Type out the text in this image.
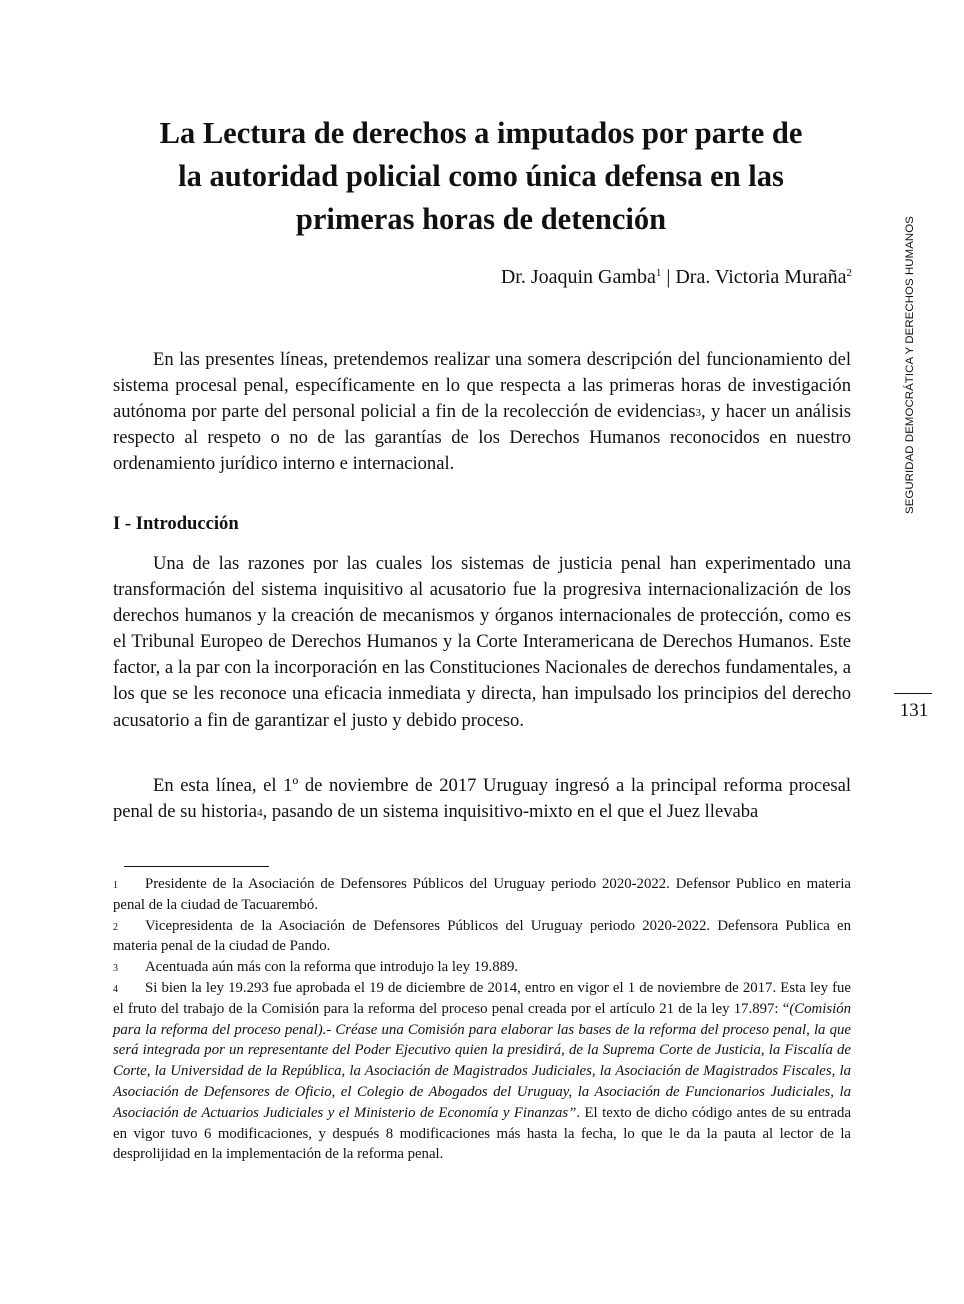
La Lectura de derechos a imputados por parte de
la autoridad policial como única defensa en las
primeras horas de detención
Dr. Joaquin Gamba$^1$ | Dra. Victoria Muraña$^2$

En las presentes líneas, pretendemos realizar una somera descripción del funcionamiento del sistema procesal penal, específicamente en lo que respecta a las primeras horas de investigación autónoma por parte del personal policial a fin de la recolección de evidencias$^3$, y hacer un análisis respecto al respeto o no de las garantías de los Derechos Humanos reconocidos en nuestro ordenamiento jurídico interno e internacional.

I - Introducción

Una de las razones por las cuales los sistemas de justicia penal han experimentado una transformación del sistema inquisitivo al acusatorio fue la progresiva internacionalización de los derechos humanos y la creación de mecanismos y órganos internacionales de protección, como es el Tribunal Europeo de Derechos Humanos y la Corte Interamericana de Derechos Humanos. Este factor, a la par con la incorporación en las Constituciones Nacionales de derechos fundamentales, a los que se les reconoce una eficacia inmediata y directa, han impulsado los principios del derecho acusatorio a fin de garantizar el justo y debido proceso.

En esta línea, el 1º de noviembre de 2017 Uruguay ingresó a la principal reforma procesal penal de su historia$^4$, pasando de un sistema inquisitivo-mixto en el que el Juez llevaba

1 Presidente de la Asociación de Defensores Públicos del Uruguay periodo 2020-2022. Defensor Publico en materia penal de la ciudad de Tacuarembó.

2 Vicepresidenta de la Asociación de Defensores Públicos del Uruguay periodo 2020-2022. Defensora Publica en materia penal de la ciudad de Pando.

3 Acentuada aún más con la reforma que introdujo la ley 19.889.

4 Si bien la ley 19.293 fue aprobada el 19 de diciembre de 2014, entro en vigor el 1 de noviembre de 2017. Esta ley fue el fruto del trabajo de la Comisión para la reforma del proceso penal creada por el artículo 21 de la ley 17.897: “(Comisión para la reforma del proceso penal).- Créase una Comisión para elaborar las bases de la reforma del proceso penal, la que será integrada por un representante del Poder Ejecutivo quien la presidirá, de la Suprema Corte de Justicia, la Fiscalía de Corte, la Universidad de la República, la Asociación de Magistrados Judiciales, la Asociación de Magistrados Fiscales, la Asociación de Defensores de Oficio, el Colegio de Abogados del Uruguay, la Asociación de Funcionarios Judiciales, la Asociación de Actuarios Judiciales y el Ministerio de Economía y Finanzas”. El texto de dicho código antes de su entrada en vigor tuvo 6 modificaciones, y después 8 modificaciones más hasta la fecha, lo que le da la pauta al lector de la desprolijidad en la implementación de la reforma penal.

SEGURIDAD DEMOCRÁTICA Y DERECHOS HUMANOS
131
